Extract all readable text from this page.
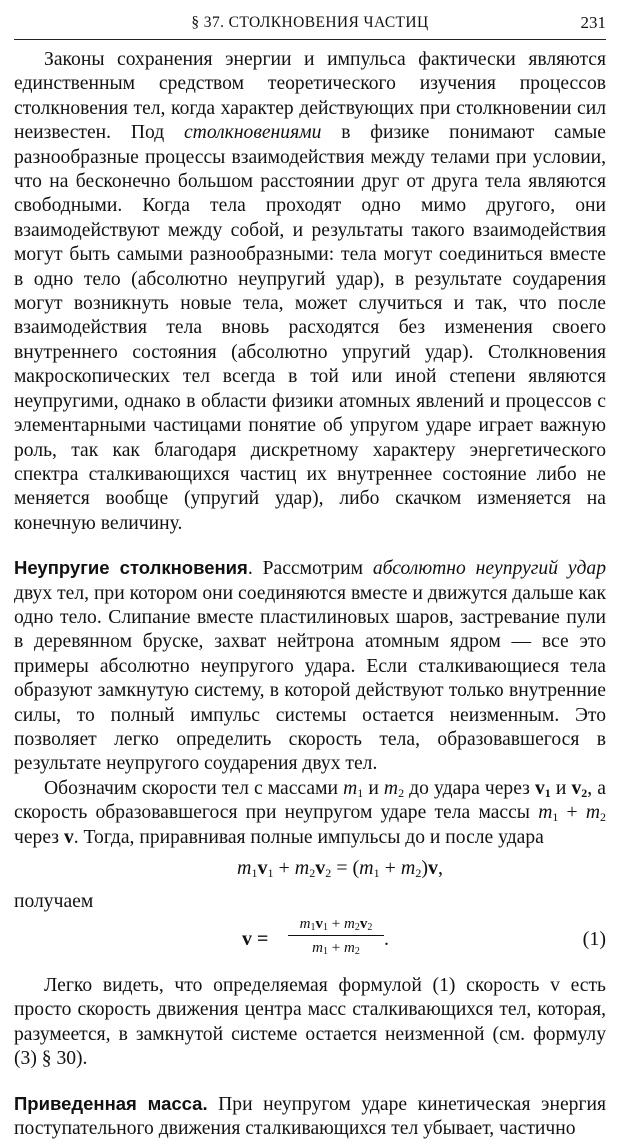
§ 37. СТОЛКНОВЕНИЯ ЧАСТИЦ	231

Законы сохранения энергии и импульса фактически являются единственным средством теоретического изучения процессов столкновения тел, когда характер действующих при столкновении сил неизвестен. Под столкновениями в физике понимают самые разнообразные процессы взаимодействия между телами при условии, что на бесконечно большом расстоянии друг от друга тела являются свободными. Когда тела проходят одно мимо другого, они взаимодействуют между собой, и результаты такого взаимодействия могут быть самыми разнообразными: тела могут соединиться вместе в одно тело (абсолютно неупругий удар), в результате соударения могут возникнуть новые тела, может случиться и так, что после взаимодействия тела вновь расходятся без изменения своего внутреннего состояния (абсолютно упругий удар). Столкновения макроскопических тел всегда в той или иной степени являются неупругими, однако в области физики атомных явлений и процессов с элементарными частицами понятие об упругом ударе играет важную роль, так как благодаря дискретному характеру энергетического спектра сталкивающихся частиц их внутреннее состояние либо не меняется вообще (упругий удар), либо скачком изменяется на конечную величину.

Неупругие столкновения. Рассмотрим абсолютно неупругий удар двух тел, при котором они соединяются вместе и движутся дальше как одно тело. Слипание вместе пластилиновых шаров, застревание пули в деревянном бруске, захват нейтрона атомным ядром — все это примеры абсолютно неупругого удара. Если сталкивающиеся тела образуют замкнутую систему, в которой действуют только внутренние силы, то полный импульс системы остается неизменным. Это позволяет легко определить скорость тела, образовавшегося в результате неупругого соударения двух тел.

Обозначим скорости тел с массами $m_1$ и $m_2$ до удара через $v_1$ и $v_2$, а скорость образовавшегося при неупругом ударе тела массы $m_1 + m_2$ через v. Тогда, приравнивая полные импульсы до и после удара

$m_1v_1 + m_2v_2 = (m_1 + m_2)v$,

получаем

v =
$m_1v_1 + m_2v_2$
$m_1 + m_2$
.	(1)

Легко видеть, что определяемая формулой (1) скорость v есть просто скорость движения центра масс сталкивающихся тел, которая, разумеется, в замкнутой системе остается неизменной (см. формулу (3) § 30).

Приведенная масса. При неупругом ударе кинетическая энергия поступательного движения сталкивающихся тел убывает, частично
